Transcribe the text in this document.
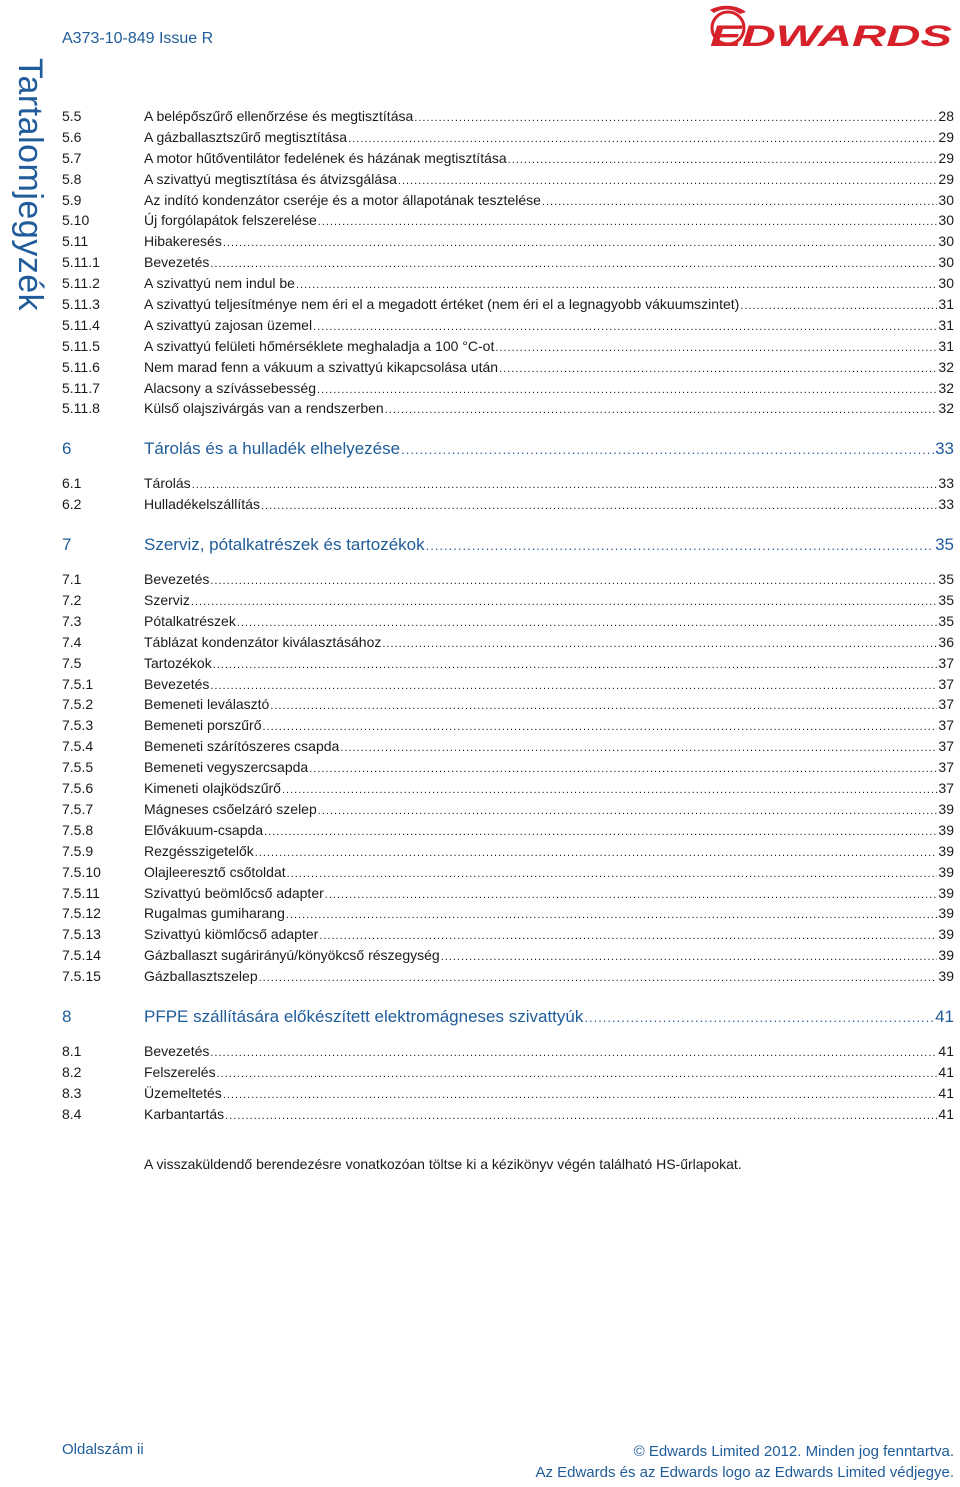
A373-10-849 Issue R	EDWARDS
Tartalomjegyzék 5.5	A belépőszűrő ellenőrzése és megtisztítása .....	28
5.6	A gázballasztszűrő megtisztítása .....	29
5.7	A motor hűtőventilátor fedelének és házának megtisztítása .....	29
5.8	A szivattyú megtisztítása és átvizsgálása .....	29
5.9	Az indító kondenzátor cseréje és a motor állapotának tesztelése .....	30
5.10	Új forgólapátok felszerelése .....	30
5.11	Hibakeresés .....	30
5.11.1	Bevezetés .....	30
5.11.2	A szivattyú nem indul be .....	30
5.11.3	A szivattyú teljesítménye nem éri el a megadott értéket (nem éri el a legnagyobb vákuumszintet) .....	31
5.11.4	A szivattyú zajosan üzemel .....	31
5.11.5	A szivattyú felületi hőmérséklete meghaladja a 100 °C-ot .....	31
5.11.6	Nem marad fenn a vákuum a szivattyú kikapcsolása után .....	32
5.11.7	Alacsony a szívássebesség .....	32
5.11.8	Külső olajszivárgás van a rendszerben .....	32
6	Tárolás és a hulladék elhelyezése .....	33
6.1	Tárolás .....	33
6.2	Hulladékelszállítás .....	33
7	Szerviz, pótalkatrészek és tartozékok .....	35
7.1	Bevezetés .....	35
7.2	Szerviz .....	35
7.3	Pótalkatrészek .....	35
7.4	Táblázat kondenzátor kiválasztásához .....	36
7.5	Tartozékok .....	37
7.5.1	Bevezetés .....	37
7.5.2	Bemeneti leválasztó .....	37
7.5.3	Bemeneti porszűrő .....	37
7.5.4	Bemeneti szárítószeres csapda .....	37
7.5.5	Bemeneti vegyszercsapda .....	37
7.5.6	Kimeneti olajködszűrő .....	37
7.5.7	Mágneses csőelzáró szelep .....	39
7.5.8	Elővákuum-csapda .....	39
7.5.9	Rezgésszigetelők .....	39
7.5.10	Olajleeresztő csőtoldat .....	39
7.5.11	Szivattyú beömlőcső adapter .....	39
7.5.12	Rugalmas gumiharang .....	39
7.5.13	Szivattyú kiömlőcső adapter .....	39
7.5.14	Gázballaszt sugárirányú/könyökcső részegység .....	39
7.5.15	Gázballasztszelep .....	39
8	PFPE szállítására előkészített elektromágneses szivattyúk .....	41
8.1	Bevezetés .....	41
8.2	Felszerelés .....	41
8.3	Üzemeltetés .....	41
8.4	Karbantartás .....	41
A visszaküldendő berendezésre vonatkozóan töltse ki a kézikönyv végén található HS-űrlapokat.
Oldalszám ii	© Edwards Limited 2012. Minden jog fenntartva.
Az Edwards és az Edwards logo az Edwards Limited védjegye.
